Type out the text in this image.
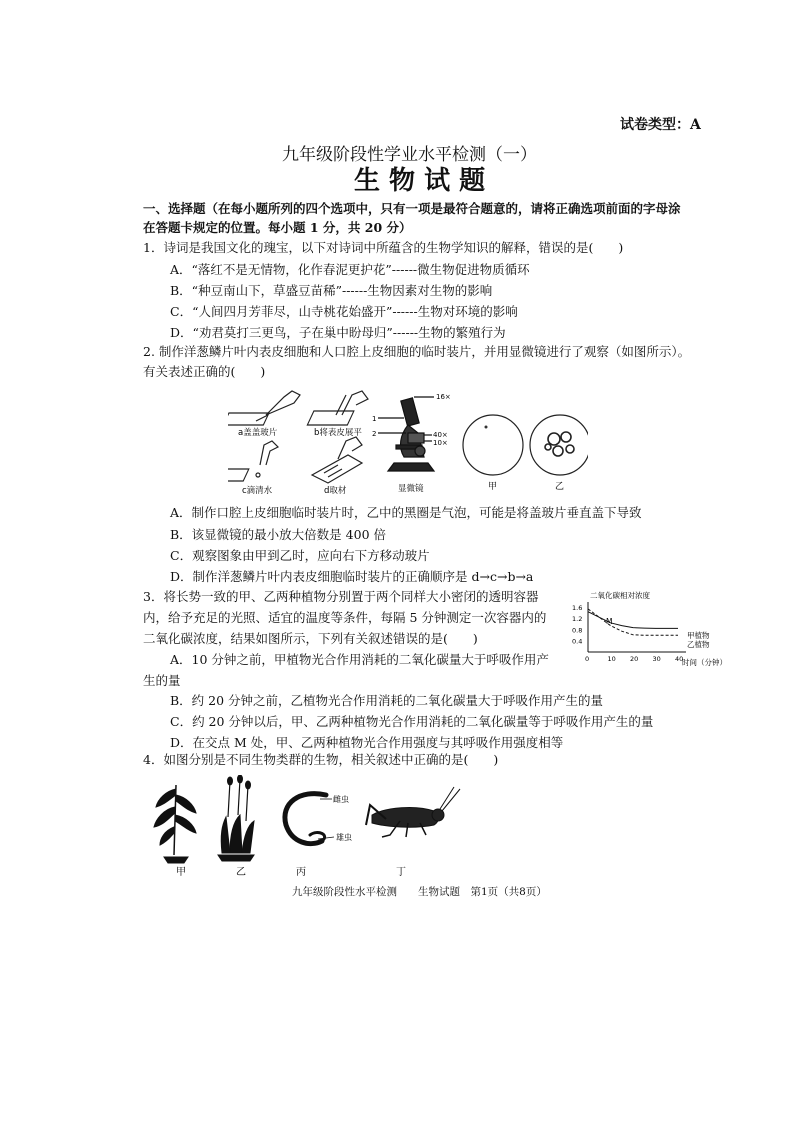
试卷类型：A
九年级阶段性学业水平检测（一）
生 物 试 题
一、选择题（在每小题所列的四个选项中，只有一项是最符合题意的，请将正确选项前面的字母涂
在答题卡规定的位置。每小题 1 分，共 20 分）
1．诗词是我国文化的瑰宝，以下对诗词中所蕴含的生物学知识的解释，错误的是(　　)
A．“落红不是无情物，化作春泥更护花”------微生物促进物质循环
B．“种豆南山下，草盛豆苗稀”------生物因素对生物的影响
C．“人间四月芳菲尽，山寺桃花始盛开”------生物对环境的影响
D．“劝君莫打三更鸟，子在巢中盼母归”------生物的繁殖行为
2. 制作洋葱鳞片叶内表皮细胞和人口腔上皮细胞的临时装片，并用显微镜进行了观察（如图所示）。
有关表述正确的(　　)
a盖盖玻片	b将表皮展平
c滴清水	d取材
16×
40×
10×
1
2
显微镜	甲	乙
A．制作口腔上皮细胞临时装片时，乙中的黑圈是气泡，可能是将盖玻片垂直盖下导致
B．该显微镜的最小放大倍数是 400 倍
C．观察图象由甲到乙时，应向右下方移动玻片
D．制作洋葱鳞片叶内表皮细胞临时装片的正确顺序是 d→c→b→a
3．将长势一致的甲、乙两种植物分别置于两个同样大小密闭的透明容器
内，给予充足的光照、适宜的温度等条件，每隔 5 分钟测定一次容器内的
二氧化碳浓度，结果如图所示，下列有关叙述错误的是(　　)
A．10 分钟之前，甲植物光合作用消耗的二氧化碳量大于呼吸作用产
生的量
B．约 20 分钟之前，乙植物光合作用消耗的二氧化碳量大于呼吸作用产生的量
C．约 20 分钟以后，甲、乙两种植物光合作用消耗的二氧化碳量等于呼吸作用产生的量
D．在交点 M 处，甲、乙两种植物光合作用强度与其呼吸作用强度相等
二氧化碳相对浓度
1.6
1.2
0.8
0.4
0	10 20 30 40
M
甲植物
乙植物
时间（分钟）
4．如图分别是不同生物类群的生物，相关叙述中正确的是(　　)
甲	乙
雌虫
雄虫
丙	丁
九年级阶段性水平检测　　生物试题　第1页（共8页）
